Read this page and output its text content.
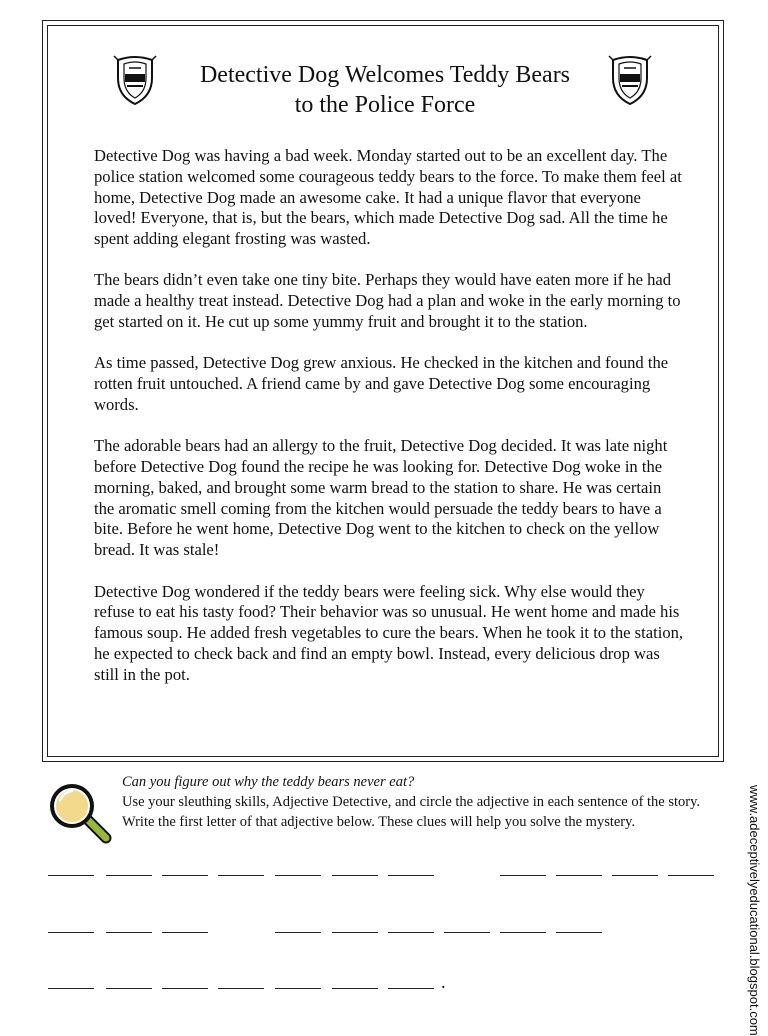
Detective Dog Welcomes Teddy Bears
to the Police Force

Detective Dog was having a bad week. Monday started out to be an excellent day. The police station welcomed some courageous teddy bears to the force. To make them feel at home, Detective Dog made an awesome cake. It had a unique flavor that everyone loved! Everyone, that is, but the bears, which made Detective Dog sad. All the time he spent adding elegant frosting was wasted.

The bears didn’t even take one tiny bite. Perhaps they would have eaten more if he had made a healthy treat instead. Detective Dog had a plan and woke in the early morning to get started on it. He cut up some yummy fruit and brought it to the station.

As time passed, Detective Dog grew anxious. He checked in the kitchen and found the rotten fruit untouched. A friend came by and gave Detective Dog some encouraging words.

The adorable bears had an allergy to the fruit, Detective Dog decided. It was late night before Detective Dog found the recipe he was looking for. Detective Dog woke in the morning, baked, and brought some warm bread to the station to share. He was certain the aromatic smell coming from the kitchen would persuade the teddy bears to have a bite. Before he went home, Detective Dog went to the kitchen to check on the yellow bread. It was stale!

Detective Dog wondered if the teddy bears were feeling sick. Why else would they refuse to eat his tasty food? Their behavior was so unusual. He went home and made his famous soup. He added fresh vegetables to cure the bears. When he took it to the station, he expected to check back and find an empty bowl. Instead, every delicious drop was still in the pot.

Can you figure out why the teddy bears never eat?
Use your sleuthing skills, Adjective Detective, and circle the adjective in each sentence of the story.
Write the first letter of that adjective below. These clues will help you solve the mystery.	www.adeceptivelyeducational.blogspot.com
.
